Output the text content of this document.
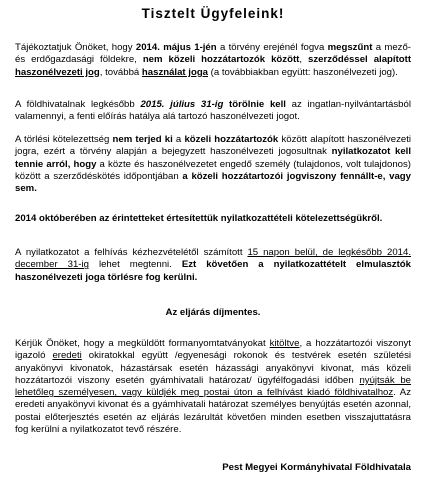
Tisztelt Ügyfeleink!
Tájékoztatjuk Önöket, hogy 2014. május 1-jén a törvény erejénél fogva megszűnt a mező- és erdőgazdasági földekre, nem közeli hozzátartozók között, szerződéssel alapított haszonélvezeti jog, továbbá használat joga (a továbbiakban együtt: haszonélvezeti jog).
A földhivatalnak legkésőbb 2015. július 31-ig törölnie kell az ingatlan-nyilvántartásból valamennyi, a fenti előírás hatálya alá tartozó haszonélvezeti jogot.
A törlési kötelezettség nem terjed ki a közeli hozzátartozók között alapított haszonélvezeti jogra, ezért a törvény alapján a bejegyzett haszonélvezeti jogosultnak nyilatkozatot kell tennie arról, hogy a közte és haszonélvezetet engedő személy (tulajdonos, volt tulajdonos) között a szerződéskötés időpontjában a közeli hozzátartozói jogviszony fennállt-e, vagy sem.
2014 októberében az érintetteket értesítettük nyilatkozattételi kötelezettségükről.
A nyilatkozatot a felhívás kézhezvételétől számított 15 napon belül, de legkésőbb 2014. december 31-ig lehet megtenni. Ezt követően a nyilatkozattételt elmulasztók haszonélvezeti joga törlésre fog kerülni.
Az eljárás díjmentes.
Kérjük Önöket, hogy a megküldött formanyomtatványokat kitöltve, a hozzátartozói viszonyt igazoló eredeti okiratokkal együtt /egyenesági rokonok és testvérek esetén születési anyakönyvi kivonatok, házastársak esetén házassági anyakönyvi kivonat, más közeli hozzátartozói viszony esetén gyámhivatali határozat/ ügyfélfogadási időben nyújtsák be lehetőleg személyesen, vagy küldjék meg postai úton a felhívást kiadó földhivatalhoz. Az eredeti anyakönyvi kivonat és a gyámhivatali határozat személyes benyújtás esetén azonnal, postai előterjesztés esetén az eljárás lezárultát követően minden esetben visszajuttatásra fog kerülni a nyilatkozatot tevő részére.
Pest Megyei Kormányhivatal Földhivatala
